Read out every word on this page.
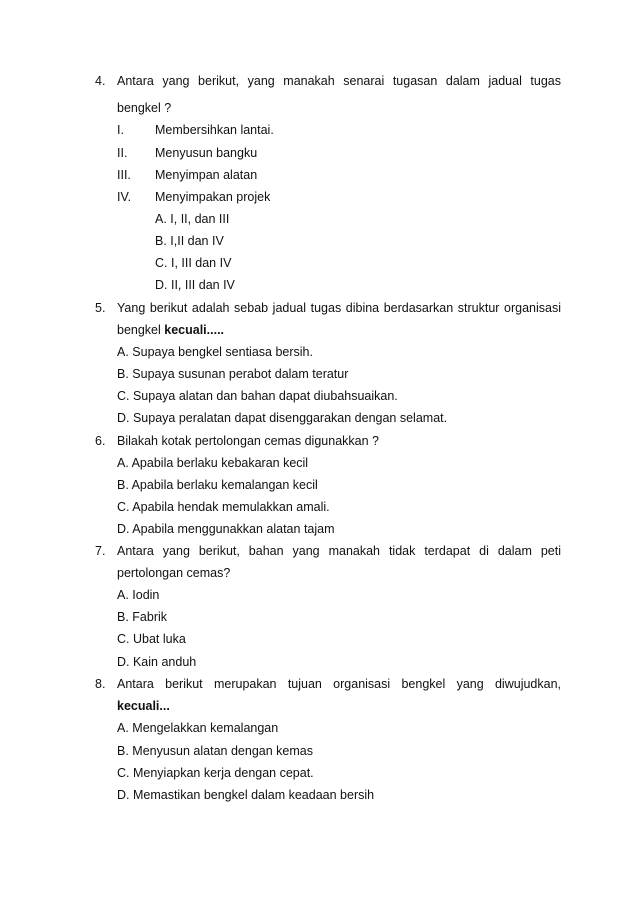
4. Antara yang berikut, yang manakah senarai tugasan dalam jadual tugas
bengkel ?
I. Membersihkan lantai.
II. Menyusun bangku
III. Menyimpan alatan
IV. Menyimpakan projek
A. I, II, dan III
B. I,II dan IV
C. I, III dan IV
D. II, III dan IV
5. Yang berikut adalah sebab jadual tugas dibina berdasarkan struktur organisasi
bengkel kecuali.....
A. Supaya bengkel sentiasa bersih.
B. Supaya susunan perabot dalam teratur
C. Supaya alatan dan bahan dapat diubahsuaikan.
D. Supaya peralatan dapat disenggarakan dengan selamat.
6. Bilakah kotak pertolongan cemas digunakkan ?
A. Apabila berlaku kebakaran kecil
B. Apabila berlaku kemalangan kecil
C. Apabila hendak memulakkan amali.
D. Apabila menggunakkan alatan tajam
7. Antara yang berikut, bahan yang manakah tidak terdapat di dalam peti
pertolongan cemas?
A. Iodin
B. Fabrik
C. Ubat luka
D. Kain anduh
8. Antara berikut merupakan tujuan organisasi bengkel yang diwujudkan,
kecuali...
A. Mengelakkan kemalangan
B. Menyusun alatan dengan kemas
C. Menyiapkan kerja dengan cepat.
D. Memastikan bengkel dalam keadaan bersih
